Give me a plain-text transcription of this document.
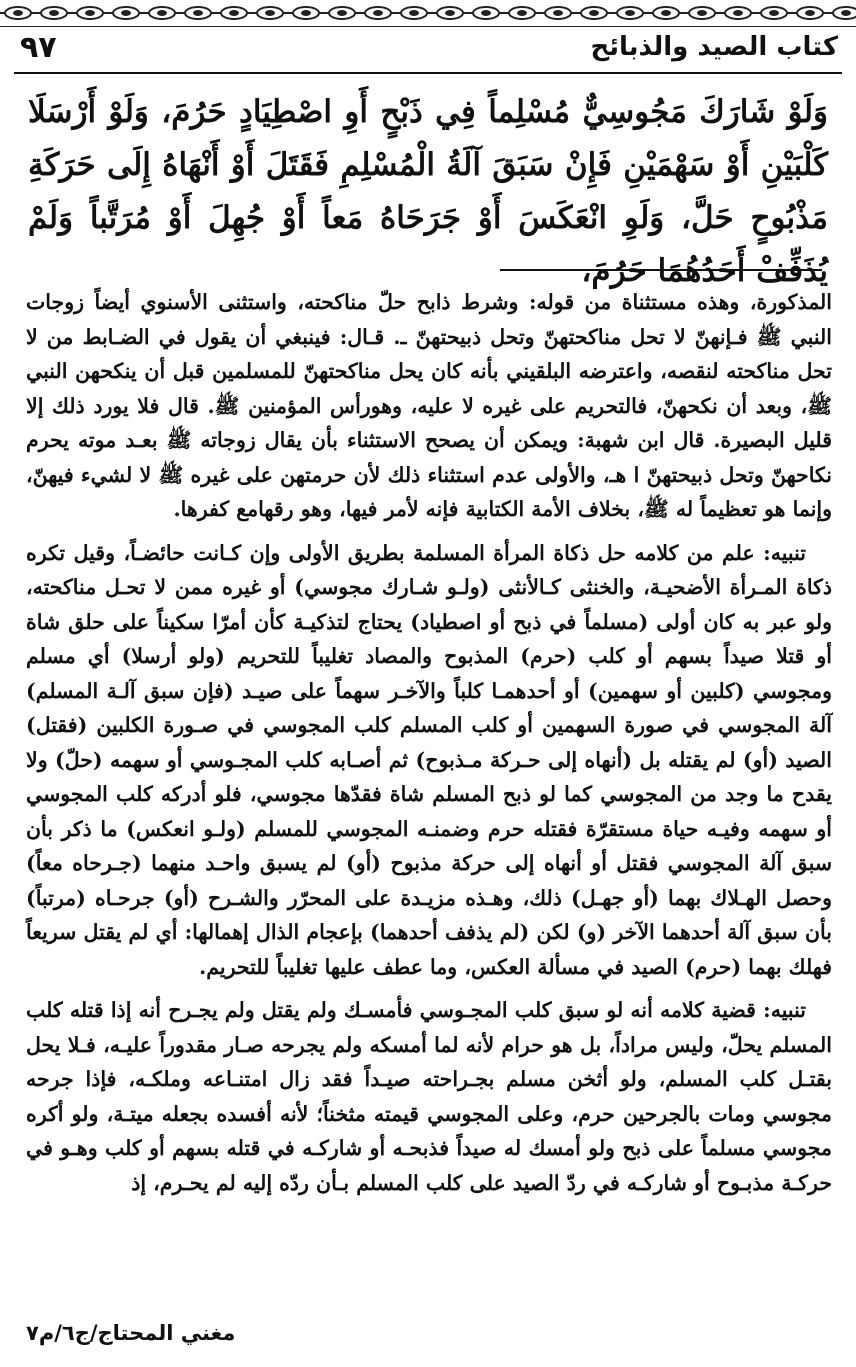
كتاب الصيد والذبائح
٩٧

وَلَوْ شَارَكَ مَجُوسِيٌّ مُسْلِماً فِي ذَبْحٍ أَوِ اصْطِيَادٍ حَرُمَ، وَلَوْ أَرْسَلَا كَلْبَيْنِ أَوْ سَهْمَيْنِ فَإِنْ سَبَقَ آلَةُ الْمُسْلِمِ فَقَتَلَ أَوْ أَنْهَاهُ إِلَى حَرَكَةِ مَذْبُوحٍ حَلَّ، وَلَوِ انْعَكَسَ أَوْ جَرَحَاهُ مَعاً أَوْ جُهِلَ أَوْ مُرَتَّباً وَلَمْ يُذَفِّفْ أَحَدُهُمَا حَرُمَ،

المذكورة، وهذه مستثناة من قوله: وشرط ذابح حلّ مناكحته، واستثنى الأسنوي أيضاً زوجات النبي ﷺ فـإنهنّ لا تحل مناكحتهنّ وتحل ذبيحتهنّ ـ. قـال: فينبغي أن يقول في الضـابط من لا تحل مناكحته لنقصه، واعترضه البلقيني بأنه كان يحل مناكحتهنّ للمسلمين قبل أن ينكحهن النبي ﷺ، وبعد أن نكحهنّ، فالتحريم على غيره لا عليه، وهورأس المؤمنين ﷺ. قال فلا يورد ذلك إلا قليل البصيرة. قال ابن شهبة: ويمكن أن يصحح الاستثناء بأن يقال زوجاته ﷺ بعـد موته يحرم نكاحهنّ وتحل ذبيحتهنّ ا هـ، والأولى عدم استثناء ذلك لأن حرمتهن على غيره ﷺ لا لشيء فيهنّ، وإنما هو تعظيماً له ﷺ، بخلاف الأمة الكتابية فإنه لأمر فيها، وهو رقهامع كفرها.

تنبيه: علم من كلامه حل ذكاة المرأة المسلمة بطريق الأولى وإن كـانت حائضـاً، وقيل تكره ذكاة المـرأة الأضحيـة، والخنثى كـالأنثى (ولـو شـارك مجوسي) أو غيره ممن لا تحـل مناكحته، ولو عبر به كان أولى (مسلماً في ذبح أو اصطياد) يحتاج لتذكيـة كأن أمرّا سكيناً على حلق شاة أو قتلا صيداً بسهم أو كلب (حرم) المذبوح والمصاد تغليباً للتحريم (ولو أرسلا) أي مسلم ومجوسي (كلبين أو سهمين) أو أحدهمـا كلباً والآخـر سهماً على صيـد (فإن سبق آلـة المسلم) آلة المجوسي في صورة السهمين أو كلب المسلم كلب المجوسي في صـورة الكلبين (فقتل) الصيد (أو) لم يقتله بل (أنهاه إلى حـركة مـذبوح) ثم أصـابه كلب المجـوسي أو سهمه (حلّ) ولا يقدح ما وجد من المجوسي كما لو ذبح المسلم شاة فقدّها مجوسي، فلو أدركه كلب المجوسي أو سهمه وفيـه حياة مستقرّة فقتله حرم وضمنـه المجوسي للمسلم (ولـو انعكس) ما ذكر بأن سبق آلة المجوسي فقتل أو أنهاه إلى حركة مذبوح (أو) لم يسبق واحـد منهما (جـرحاه معاً) وحصل الهـلاك بهما (أو جهـل) ذلك، وهـذه مزيـدة على المحرّر والشـرح (أو) جرحـاه (مرتباً) بأن سبق آلة أحدهما الآخر (و) لكن (لم يذفف أحدهما) بإعجام الذال إهمالها: أي لم يقتل سريعاً فهلك بهما (حرم) الصيد في مسألة العكس، وما عطف عليها تغليباً للتحريم.

تنبيه: قضية كلامه أنه لو سبق كلب المجـوسي فأمسـك ولم يقتل ولم يجـرح أنه إذا قتله كلب المسلم يحلّ، وليس مراداً، بل هو حرام لأنه لما أمسكه ولم يجرحه صـار مقدوراً عليـه، فـلا يحل بقتـل كلب المسلم، ولو أثخن مسلم بجـراحته صيـداً فقد زال امتنـاعه وملكـه، فإذا جرحه مجوسي ومات بالجرحين حرم، وعلى المجوسي قيمته مثخناً؛ لأنه أفسده بجعله ميتـة، ولو أكره مجوسي مسلماً على ذبح ولو أمسك له صيداً فذبحـه أو شاركـه في قتله بسهم أو كلب وهـو في حركـة مذبـوح أو شاركـه في ردّ الصيد على كلب المسلم بـأن ردّه إليه لم يحـرم، إذ

مغني المحتاج/ج٦/م٧
